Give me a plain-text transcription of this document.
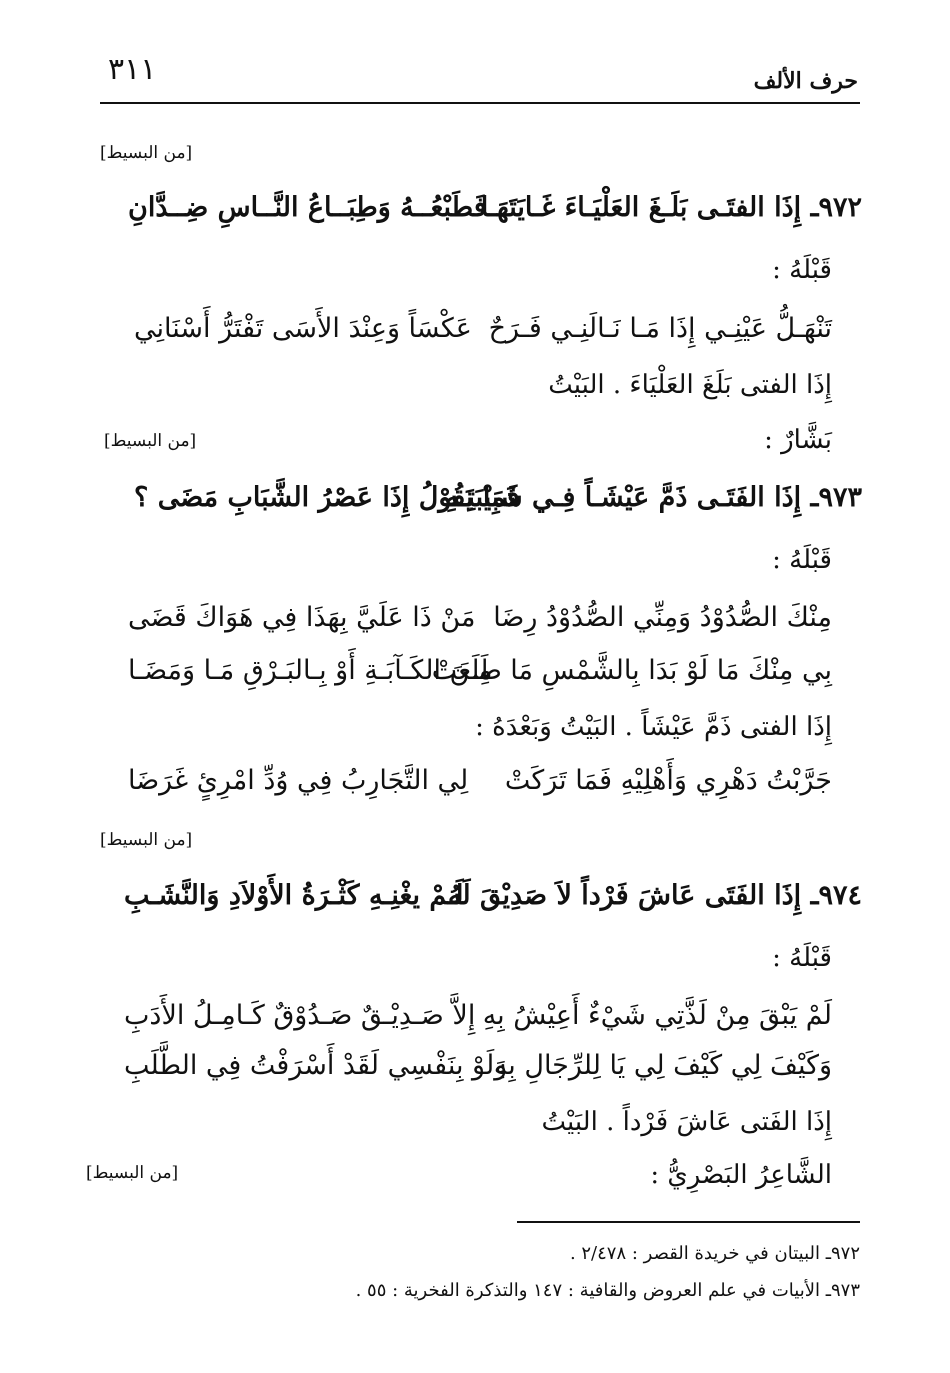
٣١١	حرف الألف
[من البسيط]
٩٧٢ـ إِذَا الفتَـى بَلَـغَ العَلْيَـاءَ غَـايَتَهَـا
فَطَبْعُــهُ وَطِبَــاعُ النَّــاسِ ضِــدَّانِ
قَبْلَهُ :
تَنْهَـلُّ عَيْنِـي إِذَا مَـا نَـالَنِـي فَـرَحٌ
عَكْسَاً وَعِنْدَ الأَسَى تَفْتَرُّ أَسْنَانِي
إِذَا الفتى بَلَغَ العَلْيَاءَ . البَيْتُ
بَشَّارٌ :
[من البسيط]
٩٧٣ـ إِذَا الفَتَـى ذَمَّ عَيْشَـاً فِـي شَبِيْبَتِـهِ
فَمَا يَقُوْلُ إِذَا عَصْرُ الشَّبَابِ مَضَى ؟
قَبْلَهُ :
مِنْكَ الصُّدُوْدُ وَمِنِّي الصُّدُوْدُ رِضَا
مَنْ ذَا عَلَيَّ بِهَذَا فِي هَوَاكَ قَضَى
بِي مِنْكَ مَا لَوْ بَدَا بِالشَّمْسِ مَا طَلَعَتْ
مِـنَ الكَـآبَـةِ أَوْ بِـالبَـرْقِ مَـا وَمَضَـا
إِذَا الفتى ذَمَّ عَيْشَاً . البَيْتُ وَبَعْدَهُ :
جَرَّبْتُ دَهْرِي وَأَهْلِيْهِ فَمَا تَرَكَتْ
لِي التَّجَارِبُ فِي وُدِّ امْرِئٍ غَرَضَا
[من البسيط]
٩٧٤ـ إِذَا الفَتَى عَاشَ فَرْداً لاَ صَدِيْقَ لَهُ
لَـمْ يغْنِـهِ كَثْـرَةُ الأَوْلاَدِ وَالنَّشَـبِ
قَبْلَهُ :
لَمْ يَبْقَ مِنْ لَذَّتِي شَيْءٌ أَعِيْشُ بِهِ
إِلاَّ صَـدِيْـقٌ صَـدُوْقٌ كَـامِـلُ الأَدَبِ
وَكَيْفَ لِي كَيْفَ لِي يَا لِلرِّجَالِ بِهِ
وَلَوْ بِنَفْسِي لَقَدْ أَسْرَفْتُ فِي الطَّلَبِ
إِذَا الفَتى عَاشَ فَرْداً . البَيْتُ
الشَّاعِرُ البَصْرِيُّ :
[من البسيط]
٩٧٢ـ البيتان في خريدة القصر : ٢/٤٧٨ .
٩٧٣ـ الأبيات في علم العروض والقافية : ١٤٧ والتذكرة الفخرية : ٥٥ .
